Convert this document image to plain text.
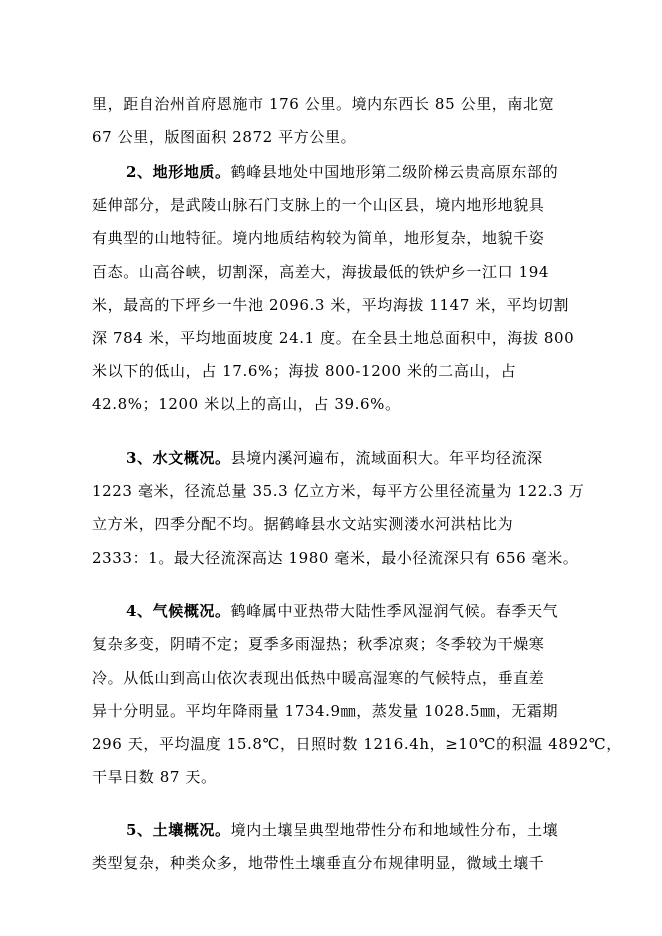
里，距自治州首府恩施市 176 公里。境内东西长 85 公里，南北宽
67 公里，版图面积 2872 平方公里。
2、地形地质。鹤峰县地处中国地形第二级阶梯云贵高原东部的
延伸部分，是武陵山脉石门支脉上的一个山区县，境内地形地貌具
有典型的山地特征。境内地质结构较为简单，地形复杂，地貌千姿
百态。山高谷峡，切割深，高差大，海拔最低的铁炉乡一江口 194
米，最高的下坪乡一牛池 2096.3 米，平均海拔 1147 米，平均切割
深 784 米，平均地面坡度 24.1 度。在全县土地总面积中，海拔 800
米以下的低山，占 17.6%；海拔 800-1200 米的二高山，占
42.8%；1200 米以上的高山，占 39.6%。
3、水文概况。县境内溪河遍布，流域面积大。年平均径流深
1223 毫米，径流总量 35.3 亿立方米，每平方公里径流量为 122.3 万
立方米，四季分配不均。据鹤峰县水文站实测溇水河洪枯比为
2333：1。最大径流深高达 1980 毫米，最小径流深只有 656 毫米。
4、气候概况。鹤峰属中亚热带大陆性季风湿润气候。春季天气
复杂多变，阴晴不定；夏季多雨湿热；秋季凉爽；冬季较为干燥寒
冷。从低山到高山依次表现出低热中暖高湿寒的气候特点，垂直差
异十分明显。平均年降雨量 1734.9㎜，蒸发量 1028.5㎜，无霜期
296 天，平均温度 15.8℃，日照时数 1216.4h，≥10℃的积温 4892℃，
干旱日数 87 天。
5、土壤概况。境内土壤呈典型地带性分布和地域性分布，土壤
类型复杂，种类众多，地带性土壤垂直分布规律明显，微域土壤千
